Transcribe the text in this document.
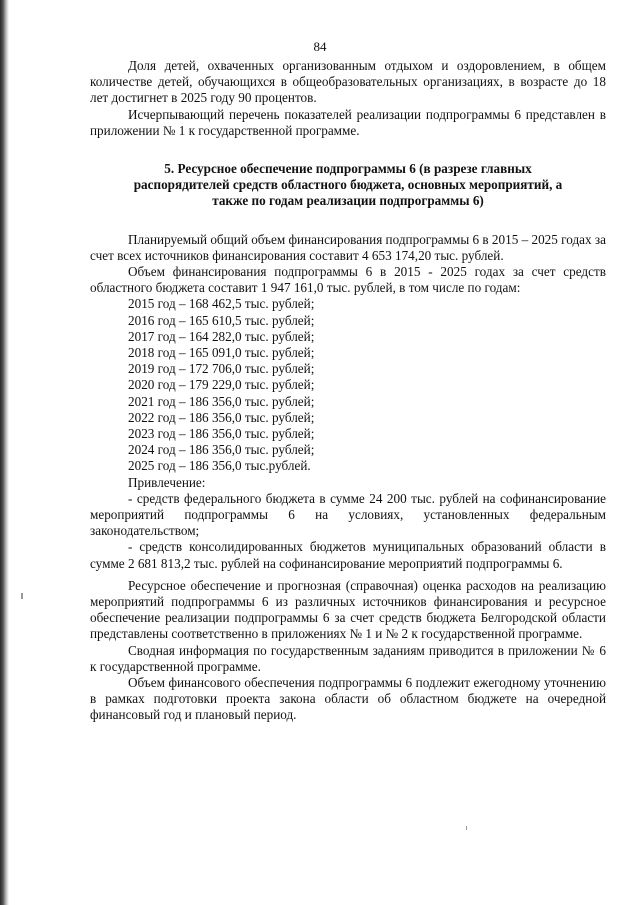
84

Доля детей, охваченных организованным отдыхом и оздоровлением, в общем количестве детей, обучающихся в общеобразовательных организациях, в возрасте до 18 лет достигнет в 2025 году 90 процентов.

Исчерпывающий перечень показателей реализации подпрограммы 6 представлен в приложении № 1 к государственной программе.

5. Ресурсное обеспечение подпрограммы 6 (в разрезе главных распорядителей средств областного бюджета, основных мероприятий, а также по годам реализации подпрограммы 6)

Планируемый общий объем финансирования подпрограммы 6 в 2015 – 2025 годах за счет всех источников финансирования составит 4 653 174,20 тыс. рублей.

Объем финансирования подпрограммы 6 в 2015 - 2025 годах за счет средств областного бюджета составит 1 947 161,0 тыс. рублей, в том числе по годам:

2015 год – 168 462,5 тыс. рублей;
2016 год – 165 610,5 тыс. рублей;
2017 год – 164 282,0 тыс. рублей;
2018 год – 165 091,0 тыс. рублей;
2019 год – 172 706,0 тыс. рублей;
2020 год – 179 229,0 тыс. рублей;
2021 год – 186 356,0 тыс. рублей;
2022 год – 186 356,0 тыс. рублей;
2023 год – 186 356,0 тыс. рублей;
2024 год – 186 356,0 тыс. рублей;
2025 год – 186 356,0 тыс.рублей.
Привлечение:

- средств федерального бюджета в сумме 24 200 тыс. рублей на софинансирование мероприятий подпрограммы 6 на условиях, установленных федеральным законодательством;

- средств консолидированных бюджетов муниципальных образований области в сумме 2 681 813,2 тыс. рублей на софинансирование мероприятий подпрограммы 6.

Ресурсное обеспечение и прогнозная (справочная) оценка расходов на реализацию мероприятий подпрограммы 6 из различных источников финансирования и ресурсное обеспечение реализации подпрограммы 6 за счет средств бюджета Белгородской области представлены соответственно в приложениях № 1 и № 2 к государственной программе.

Сводная информация по государственным заданиям приводится в приложении № 6 к государственной программе.

Объем финансового обеспечения подпрограммы 6 подлежит ежегодному уточнению в рамках подготовки проекта закона области об областном бюджете на очередной финансовый год и плановый период.
